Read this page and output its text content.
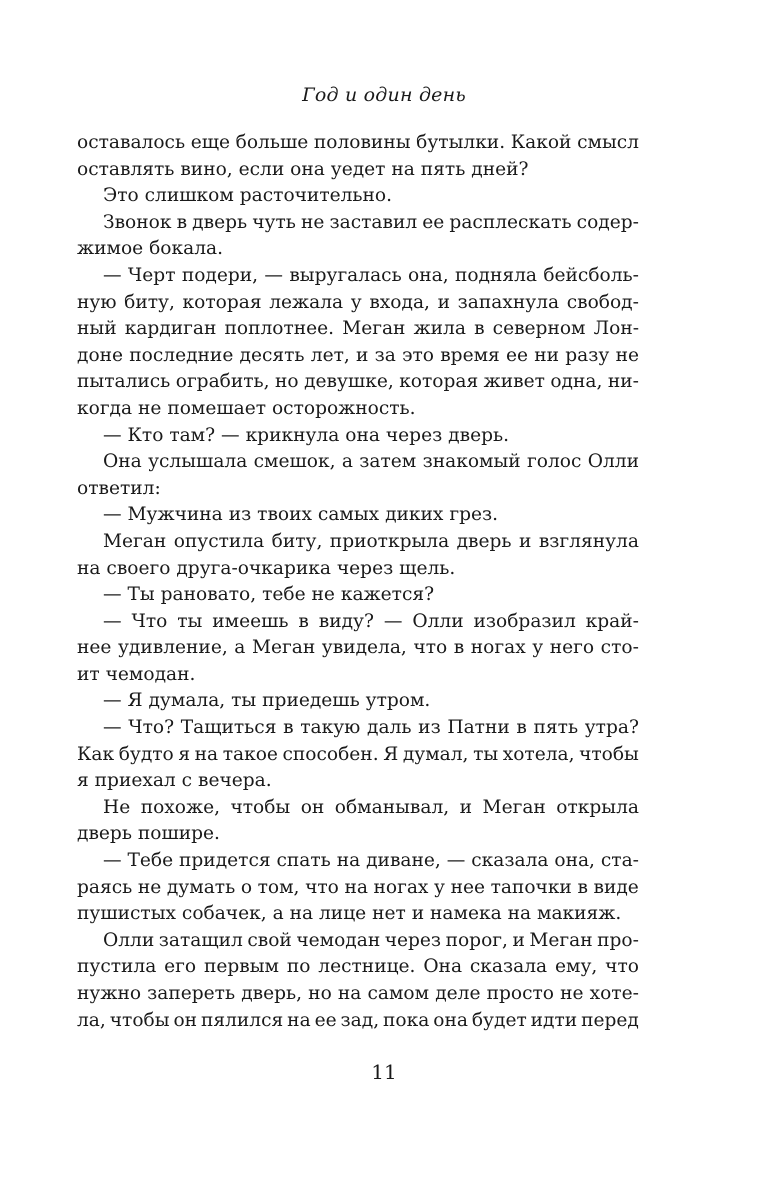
Год и один день
оставалось еще больше половины бутылки. Какой смысл
оставлять вино, если она уедет на пять дней?
Это слишком расточительно.
Звонок в дверь чуть не заставил ее расплескать содер-
жимое бокала.
— Черт подери, — выругалась она, подняла бейсболь-
ную биту, которая лежала у входа, и запахнула свобод-
ный кардиган поплотнее. Меган жила в северном Лон-
доне последние десять лет, и за это время ее ни разу не
пытались ограбить, но девушке, которая живет одна, ни-
когда не помешает осторожность.
— Кто там? — крикнула она через дверь.
Она услышала смешок, а затем знакомый голос Олли
ответил:
— Мужчина из твоих самых диких грез.
Меган опустила биту, приоткрыла дверь и взглянула
на своего друга-очкарика через щель.
— Ты рановато, тебе не кажется?
— Что ты имеешь в виду? — Олли изобразил край-
нее удивление, а Меган увидела, что в ногах у него сто-
ит чемодан.
— Я думала, ты приедешь утром.
— Что? Тащиться в такую даль из Патни в пять утра?
Как будто я на такое способен. Я думал, ты хотела, чтобы
я приехал с вечера.
Не похоже, чтобы он обманывал, и Меган открыла
дверь пошире.
— Тебе придется спать на диване, — сказала она, ста-
раясь не думать о том, что на ногах у нее тапочки в виде
пушистых собачек, а на лице нет и намека на макияж.
Олли затащил свой чемодан через порог, и Меган про-
пустила его первым по лестнице. Она сказала ему, что
нужно запереть дверь, но на самом деле просто не хоте-
ла, чтобы он пялился на ее зад, пока она будет идти перед
11
